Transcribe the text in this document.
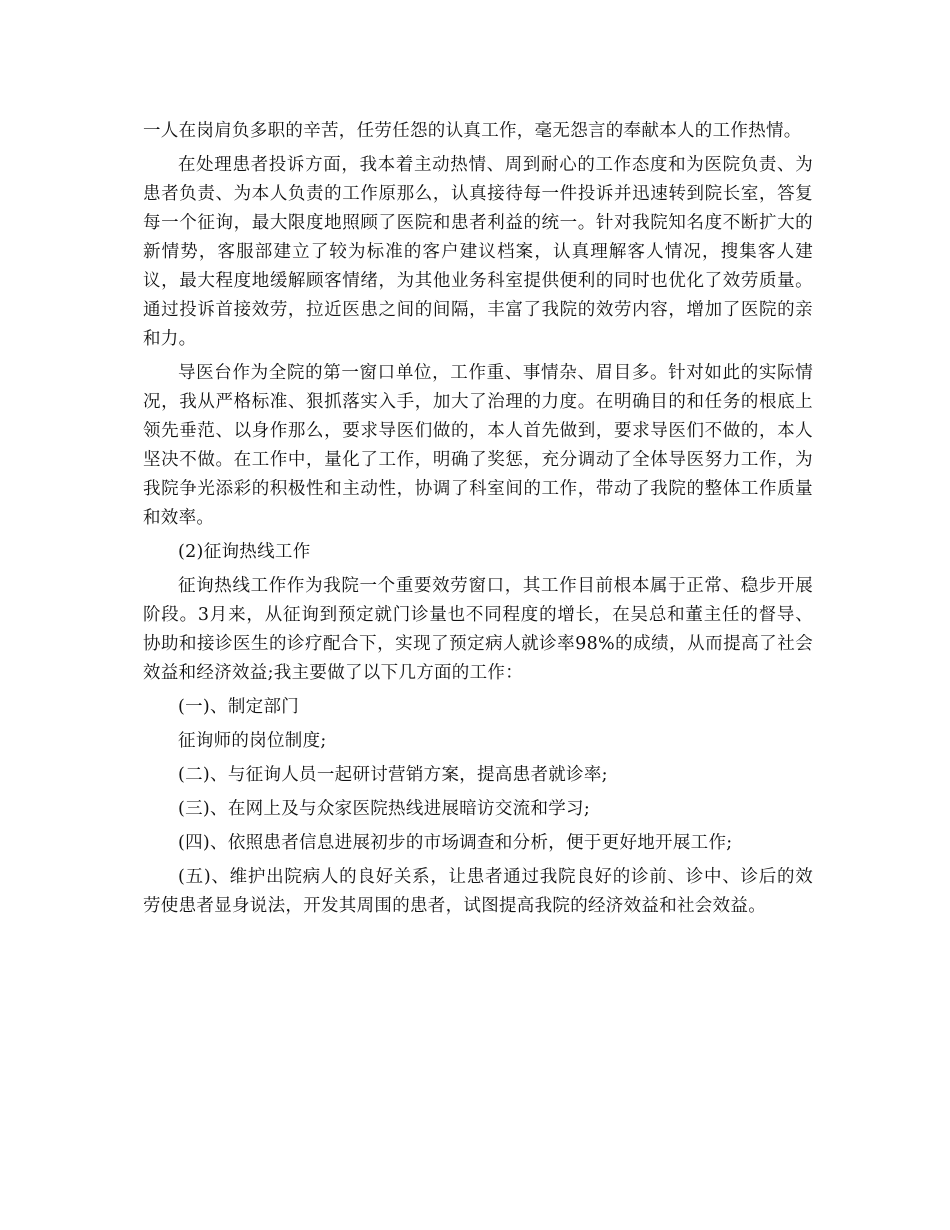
一人在岗肩负多职的辛苦，任劳任怨的认真工作，毫无怨言的奉献本人的工作热情。

在处理患者投诉方面，我本着主动热情、周到耐心的工作态度和为医院负责、为患者负责、为本人负责的工作原那么，认真接待每一件投诉并迅速转到院长室，答复每一个征询，最大限度地照顾了医院和患者利益的统一。针对我院知名度不断扩大的新情势，客服部建立了较为标准的客户建议档案，认真理解客人情况，搜集客人建议，最大程度地缓解顾客情绪，为其他业务科室提供便利的同时也优化了效劳质量。通过投诉首接效劳，拉近医患之间的间隔，丰富了我院的效劳内容，增加了医院的亲和力。

导医台作为全院的第一窗口单位，工作重、事情杂、眉目多。针对如此的实际情况，我从严格标准、狠抓落实入手，加大了治理的力度。在明确目的和任务的根底上领先垂范、以身作那么，要求导医们做的，本人首先做到，要求导医们不做的，本人坚决不做。在工作中，量化了工作，明确了奖惩，充分调动了全体导医努力工作，为我院争光添彩的积极性和主动性，协调了科室间的工作，带动了我院的整体工作质量和效率。

(2)征询热线工作

征询热线工作作为我院一个重要效劳窗口，其工作目前根本属于正常、稳步开展阶段。3月来，从征询到预定就门诊量也不同程度的增长，在吴总和董主任的督导、协助和接诊医生的诊疗配合下，实现了预定病人就诊率98%的成绩，从而提高了社会效益和经济效益;我主要做了以下几方面的工作：

(一)、制定部门

征询师的岗位制度;

(二)、与征询人员一起研讨营销方案，提高患者就诊率;

(三)、在网上及与众家医院热线进展暗访交流和学习;

(四)、依照患者信息进展初步的市场调查和分析，便于更好地开展工作;

(五)、维护出院病人的良好关系，让患者通过我院良好的诊前、诊中、诊后的效劳使患者显身说法，开发其周围的患者，试图提高我院的经济效益和社会效益。
